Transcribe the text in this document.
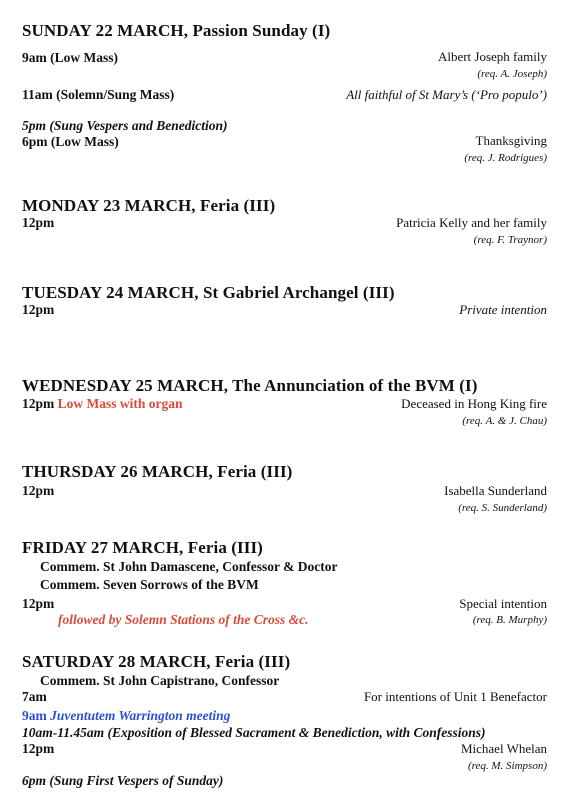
SUNDAY 22 MARCH, Passion Sunday (I)
9am (Low Mass)	Albert Joseph family
(req. A. Joseph)
11am (Solemn/Sung Mass)	All faithful of St Mary’s (‘Pro populo’)
5pm (Sung Vespers and Benediction)
6pm (Low Mass)	Thanksgiving
(req. J. Rodrigues)
MONDAY 23 MARCH, Feria (III)
12pm	Patricia Kelly and her family
(req. F. Traynor)
TUESDAY 24 MARCH, St Gabriel Archangel (III)
12pm	Private intention
WEDNESDAY 25 MARCH, The Annunciation of the BVM (I)
12pm Low Mass with organ	Deceased in Hong King fire
(req. A. & J. Chau)
THURSDAY 26 MARCH, Feria (III)
12pm	Isabella Sunderland
(req. S. Sunderland)
FRIDAY 27 MARCH, Feria (III)
Commem. St John Damascene, Confessor & Doctor
Commem. Seven Sorrows of the BVM
12pm	Special intention
followed by Solemn Stations of the Cross &c.	(req. B. Murphy)
SATURDAY 28 MARCH, Feria (III)
Commem. St John Capistrano, Confessor
7am	For intentions of Unit 1 Benefactor
9am Juventutem Warrington meeting
10am-11.45am (Exposition of Blessed Sacrament & Benediction, with Confessions)
12pm	Michael Whelan
(req. M. Simpson)
6pm (Sung First Vespers of Sunday)
